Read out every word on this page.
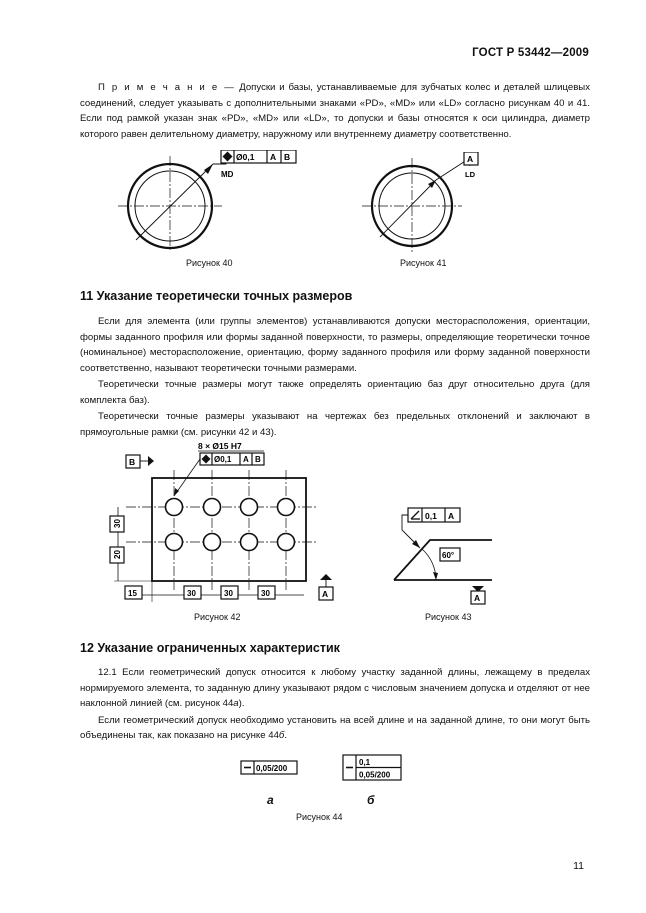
ГОСТ Р 53442—2009

П р и м е ч а н и е — Допуски и базы, устанавливаемые для зубчатых колес и деталей шлицевых соединений, следует указывать с дополнительными знаками «PD», «MD» или «LD» согласно рисункам 40 и 41. Если под рамкой указан знак «PD», «MD» или «LD», то допуски и базы относятся к оси цилиндра, диаметр которого равен делительному диаметру, наружному или внутреннему диаметру соответственно.

Ø0,1 A B
MD
Рисунок 40
A
LD
Рисунок 41
11 Указание теоретически точных размеров

Если для элемента (или группы элементов) устанавливаются допуски месторасположения, ориентации, формы заданного профиля или формы заданной поверхности, то размеры, определяющие теоретически точное (номинальное) месторасположение, ориентацию, форму заданного профиля или форму заданной поверхности соответственно, называют теоретически точными размерами.

Теоретически точные размеры могут также определять ориентацию баз друг относительно друга (для комплекта баз).

Теоретически точные размеры указывают на чертежах без предельных отклонений и заключают в прямоугольные рамки (см. рисунки 42 и 43).

8 × Ø15 H7
Ø0,1 A B
B
30
20
A
15	30	30	30
Рисунок 42
0,1 A
60°
A
Рисунок 43
12 Указание ограниченных характеристик

12.1 Если геометрический допуск относится к любому участку заданной длины, лежащему в пределах нормируемого элемента, то заданную длину указывают рядом с числовым значением допуска и отделяют от нее наклонной линией (см. рисунок 44а).

Если геометрический допуск необходимо установить на всей длине и на заданной длине, то они могут быть объединены так, как показано на рисунке 44б.

0,05/200
а
0,1
0,05/200
б
Рисунок 44
11
